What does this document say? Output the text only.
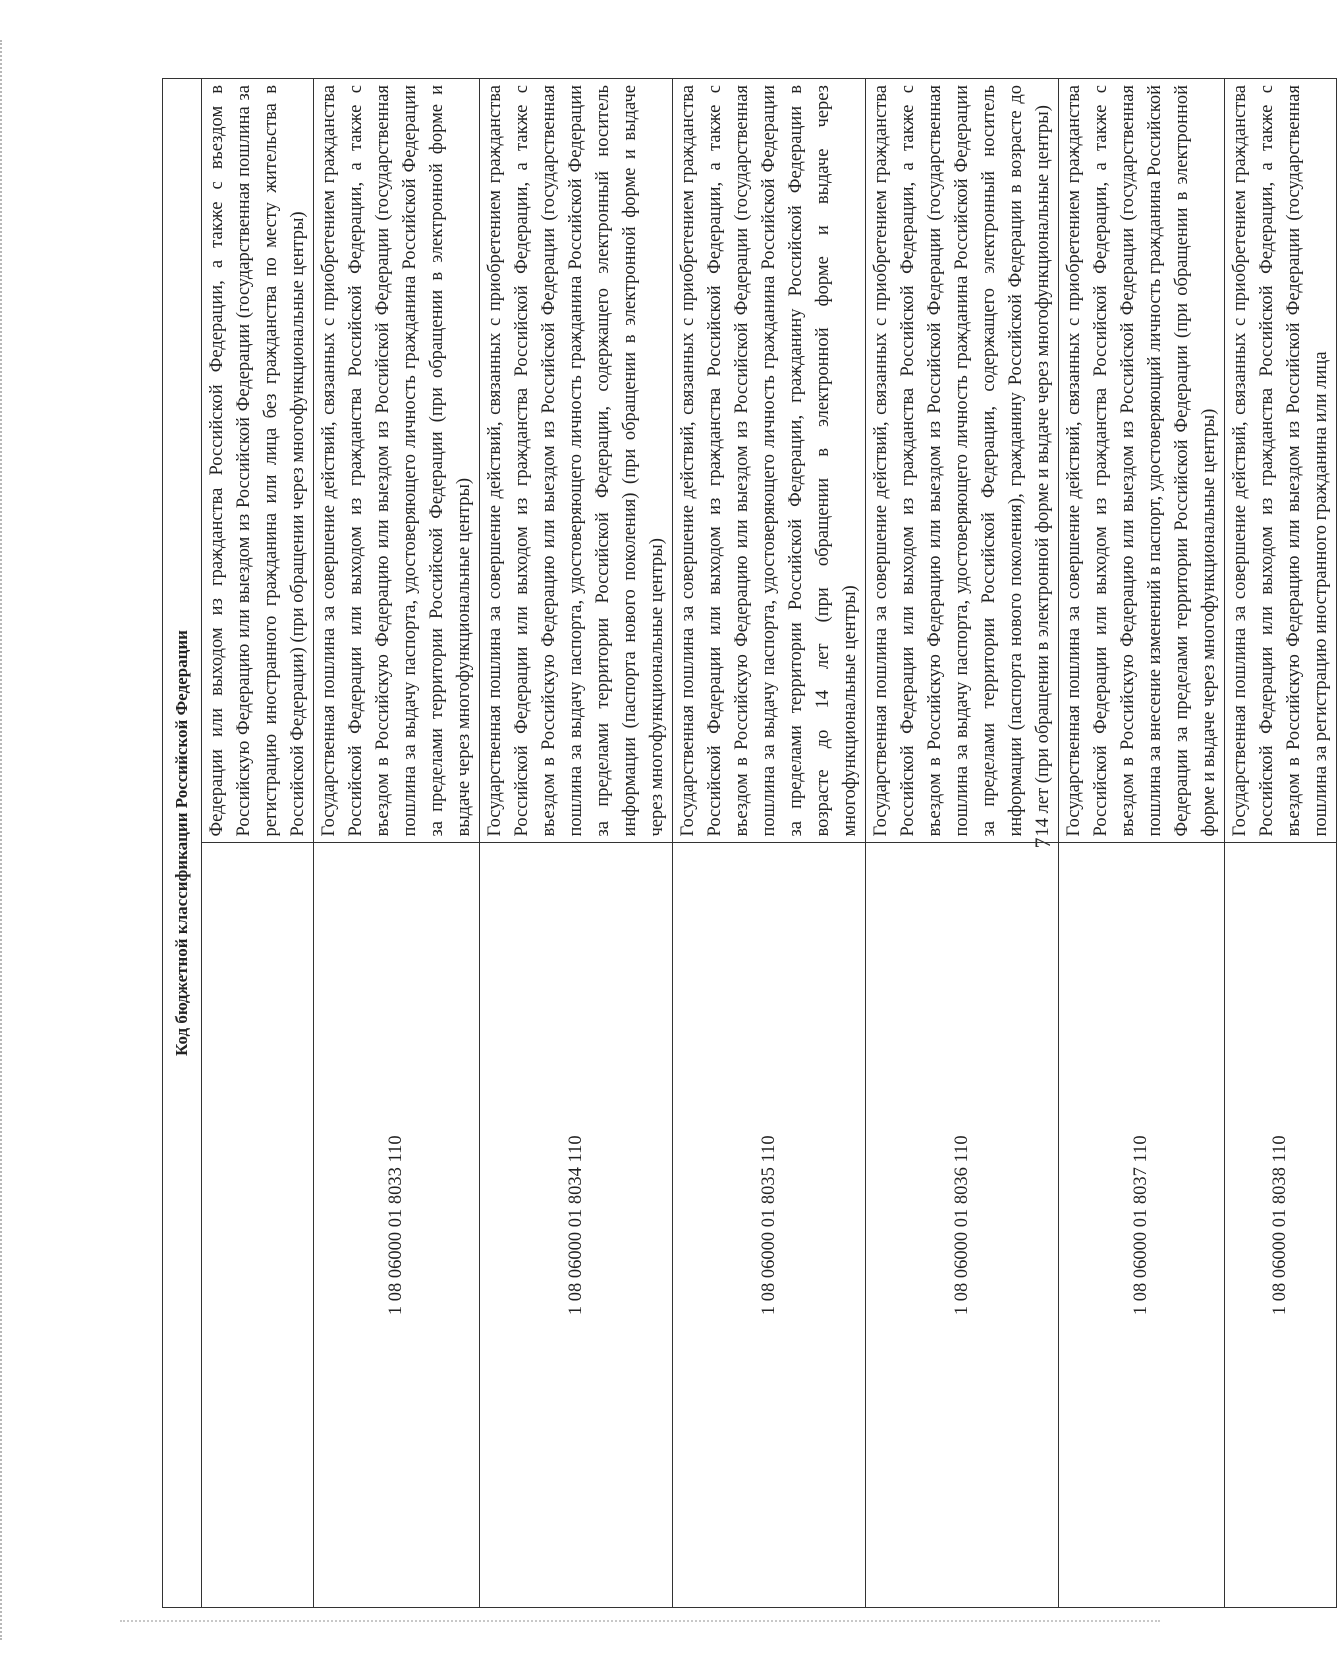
7
Код бюджетной классификации Российской Федерации	
	Федерации или выходом из гражданства Российской Федерации, а также с въездом в Российскую Федерацию или выездом из Российской Федерации (государственная пошлина за регистрацию иностранного гражданина или лица без гражданства по месту жительства в Российской Федерации) (при обращении через многофункциональные центры)
1 08 06000 01 8033 110	Государственная пошлина за совершение действий, связанных с приобретением гражданства Российской Федерации или выходом из гражданства Российской Федерации, а также с въездом в Российскую Федерацию или выездом из Российской Федерации (государственная пошлина за выдачу паспорта, удостоверяющего личность гражданина Российской Федерации за пределами территории Российской Федерации (при обращении в электронной форме и выдаче через многофункциональные центры)
1 08 06000 01 8034 110	Государственная пошлина за совершение действий, связанных с приобретением гражданства Российской Федерации или выходом из гражданства Российской Федерации, а также с въездом в Российскую Федерацию или выездом из Российской Федерации (государственная пошлина за выдачу паспорта, удостоверяющего личность гражданина Российской Федерации за пределами территории Российской Федерации, содержащего электронный носитель информации (паспорта нового поколения) (при обращении в электронной форме и выдаче через многофункциональные центры)
1 08 06000 01 8035 110	Государственная пошлина за совершение действий, связанных с приобретением гражданства Российской Федерации или выходом из гражданства Российской Федерации, а также с въездом в Российскую Федерацию или выездом из Российской Федерации (государственная пошлина за выдачу паспорта, удостоверяющего личность гражданина Российской Федерации за пределами территории Российской Федерации, гражданину Российской Федерации в возрасте до 14 лет (при обращении в электронной форме и выдаче через многофункциональные центры)
1 08 06000 01 8036 110	Государственная пошлина за совершение действий, связанных с приобретением гражданства Российской Федерации или выходом из гражданства Российской Федерации, а также с въездом в Российскую Федерацию или выездом из Российской Федерации (государственная пошлина за выдачу паспорта, удостоверяющего личность гражданина Российской Федерации за пределами территории Российской Федерации, содержащего электронный носитель информации (паспорта нового поколения), гражданину Российской Федерации в возрасте до 14 лет (при обращении в электронной форме и выдаче через многофункциональные центры)
1 08 06000 01 8037 110	Государственная пошлина за совершение действий, связанных с приобретением гражданства Российской Федерации или выходом из гражданства Российской Федерации, а также с въездом в Российскую Федерацию или выездом из Российской Федерации (государственная пошлина за внесение изменений в паспорт, удостоверяющий личность гражданина Российской Федерации за пределами территории Российской Федерации (при обращении в электронной форме и выдаче через многофункциональные центры)
1 08 06000 01 8038 110	Государственная пошлина за совершение действий, связанных с приобретением гражданства Российской Федерации или выходом из гражданства Российской Федерации, а также с въездом в Российскую Федерацию или выездом из Российской Федерации (государственная пошлина за регистрацию иностранного гражданина или лица
